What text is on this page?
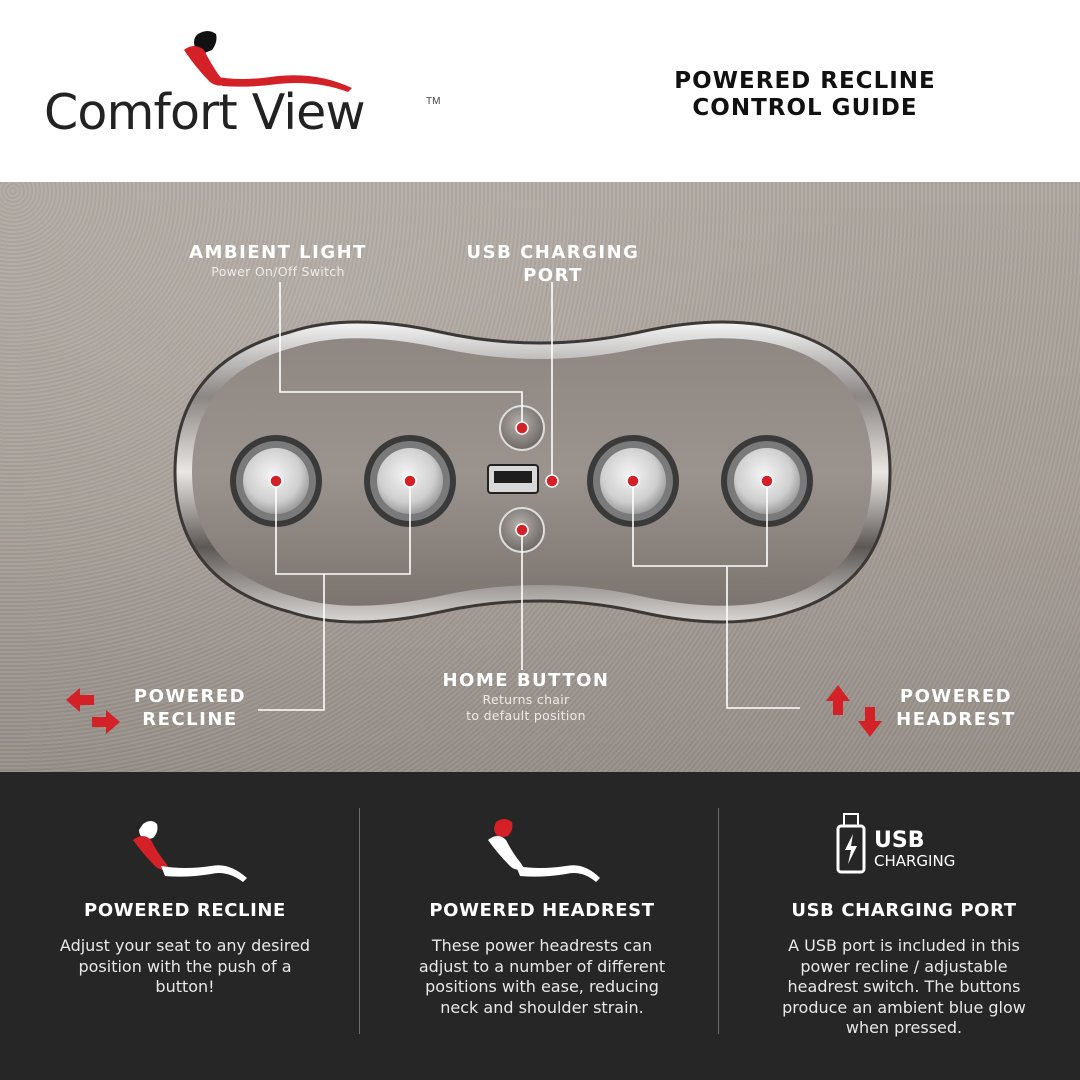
Comfort View	TM
POWERED RECLINE CONTROL GUIDE
AMBIENT LIGHT
Power On/Off Switch
USB CHARGING PORT
HOME BUTTON
Returns chair
to default position
POWERED
RECLINE
POWERED
HEADREST
POWERED RECLINE
Adjust your seat to any desired position with the push of a button!
POWERED HEADREST
These power headrests can adjust to a number of different positions with ease, reducing neck and shoulder strain.
USB
CHARGING
USB CHARGING PORT
A USB port is included in this power recline / adjustable headrest switch. The buttons produce an ambient blue glow when pressed.
